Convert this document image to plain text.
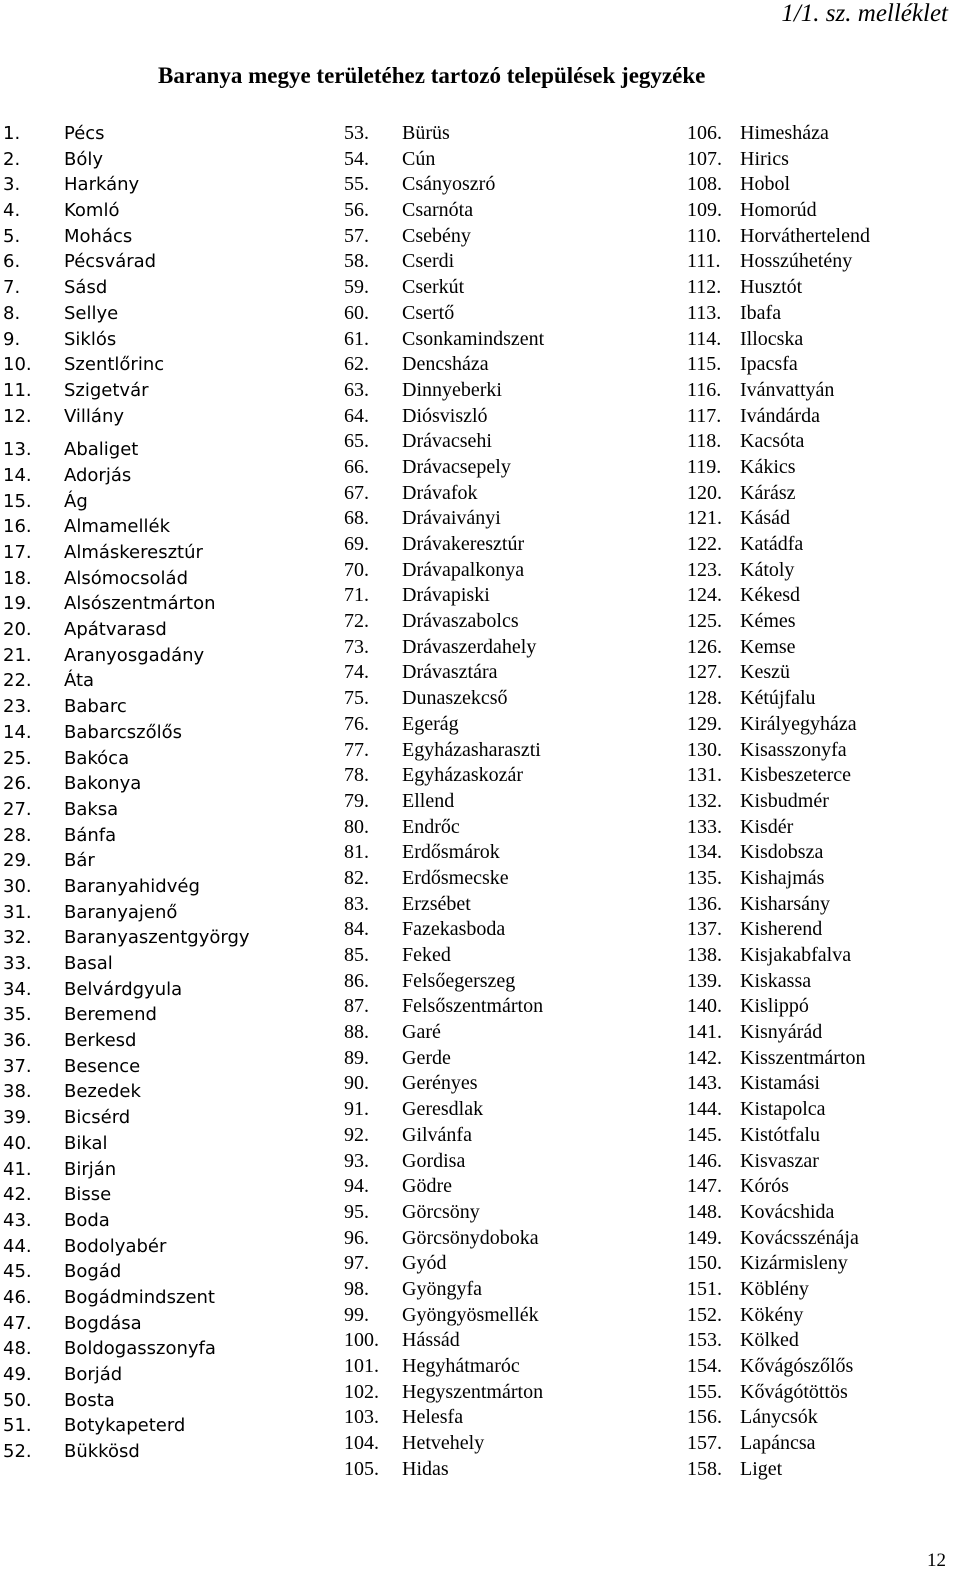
1/1. sz. melléklet
Baranya megye területéhez tartozó települések jegyzéke
1.	Pécs
2.	Bóly
3.	Harkány
4.	Komló
5.	Mohács
6.	Pécsvárad
7.	Sásd
8.	Sellye
9.	Siklós
10.	Szentlőrinc
11.	Szigetvár
12.	Villány
13.	Abaliget
14.	Adorjás
15.	Ág
16.	Almamellék
17.	Almáskeresztúr
18.	Alsómocsolád
19.	Alsószentmárton
20.	Apátvarasd
21.	Aranyosgadány
22.	Áta
23.	Babarc
14.	Babarcszőlős
25.	Bakóca
26.	Bakonya
27.	Baksa
28.	Bánfa
29.	Bár
30.	Baranyahidvég
31.	Baranyajenő
32.	Baranyaszentgyörgy
33.	Basal
34.	Belvárdgyula
35.	Beremend
36.	Berkesd
37.	Besence
38.	Bezedek
39.	Bicsérd
40.	Bikal
41.	Birján
42.	Bisse
43.	Boda
44.	Bodolyabér
45.	Bogád
46.	Bogádmindszent
47.	Bogdása
48.	Boldogasszonyfa
49.	Borjád
50.	Bosta
51.	Botykapeterd
52.	Bükkösd
53.	Bürüs
54.	Cún
55.	Csányoszró
56.	Csarnóta
57.	Csebény
58.	Cserdi
59.	Cserkút
60.	Csertő
61.	Csonkamindszent
62.	Dencsháza
63.	Dinnyeberki
64.	Diósviszló
65.	Drávacsehi
66.	Drávacsepely
67.	Drávafok
68.	Drávaiványi
69.	Drávakeresztúr
70.	Drávapalkonya
71.	Drávapiski
72.	Drávaszabolcs
73.	Drávaszerdahely
74.	Drávasztára
75.	Dunaszekcső
76.	Egerág
77.	Egyházasharaszti
78.	Egyházaskozár
79.	Ellend
80.	Endrőc
81.	Erdősmárok
82.	Erdősmecske
83.	Erzsébet
84.	Fazekasboda
85.	Feked
86.	Felsőegerszeg
87.	Felsőszentmárton
88.	Garé
89.	Gerde
90.	Gerényes
91.	Geresdlak
92.	Gilvánfa
93.	Gordisa
94.	Gödre
95.	Görcsöny
96.	Görcsönydoboka
97.	Gyód
98.	Gyöngyfa
99.	Gyöngyösmellék
100.	Hássád
101.	Hegyhátmaróc
102.	Hegyszentmárton
103.	Helesfa
104.	Hetvehely
105.	Hidas
106. Himesháza
107. Hirics
108. Hobol
109. Homorúd
110. Horváthertelend
111. Hosszúhetény
112. Husztót
113. Ibafa
114. Illocska
115. Ipacsfa
116. Ivánvattyán
117. Ivándárda
118. Kacsóta
119. Kákics
120. Kárász
121. Kásád
122. Katádfa
123. Kátoly
124. Kékesd
125. Kémes
126. Kemse
127. Keszü
128. Kétújfalu
129. Királyegyháza
130. Kisasszonyfa
131. Kisbeszeterce
132. Kisbudmér
133. Kisdér
134. Kisdobsza
135. Kishajmás
136. Kisharsány
137. Kisherend
138. Kisjakabfalva
139. Kiskassa
140. Kislippó
141. Kisnyárád
142. Kisszentmárton
143. Kistamási
144. Kistapolca
145. Kistótfalu
146. Kisvaszar
147. Kórós
148. Kovácshida
149. Kovácsszénája
150. Kizármisleny
151. Köblény
152. Kökény
153. Kölked
154. Kővágószőlős
155. Kővágótöttös
156. Lánycsók
157. Lapáncsa
158. Liget
12
